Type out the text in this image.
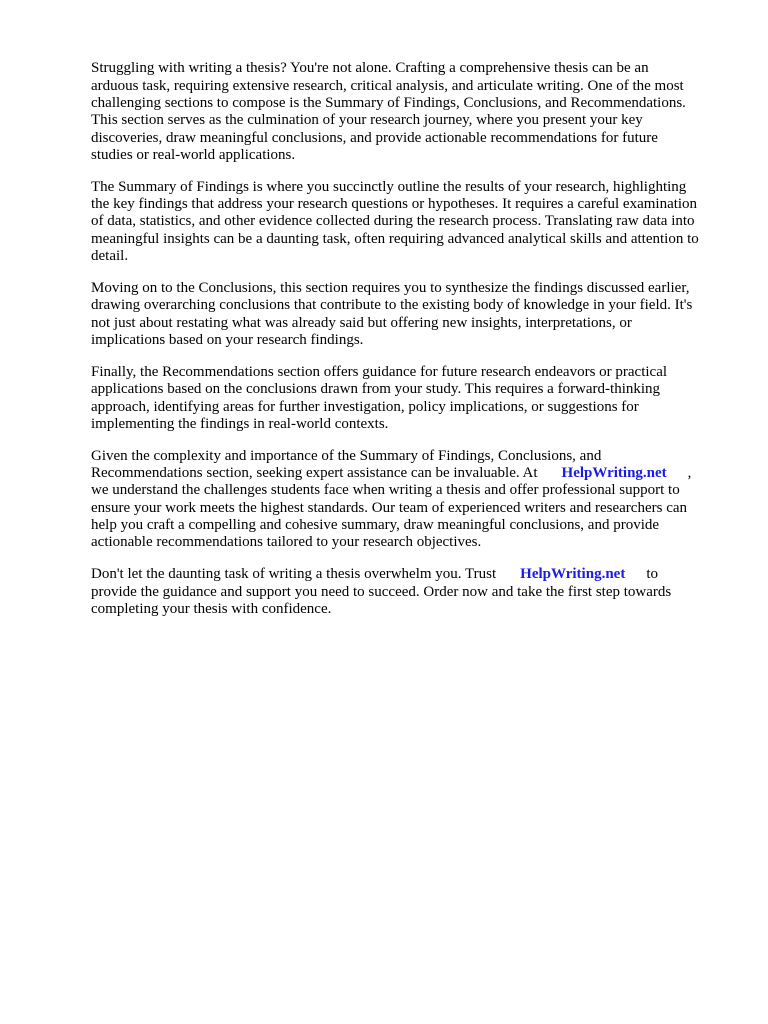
Struggling with writing a thesis? You're not alone. Crafting a comprehensive thesis can be an
arduous task, requiring extensive research, critical analysis, and articulate writing. One of the most
challenging sections to compose is the Summary of Findings, Conclusions, and Recommendations.
This section serves as the culmination of your research journey, where you present your key
discoveries, draw meaningful conclusions, and provide actionable recommendations for future
studies or real-world applications.
The Summary of Findings is where you succinctly outline the results of your research, highlighting
the key findings that address your research questions or hypotheses. It requires a careful examination
of data, statistics, and other evidence collected during the research process. Translating raw data into
meaningful insights can be a daunting task, often requiring advanced analytical skills and attention to
detail.
Moving on to the Conclusions, this section requires you to synthesize the findings discussed earlier,
drawing overarching conclusions that contribute to the existing body of knowledge in your field. It's
not just about restating what was already said but offering new insights, interpretations, or
implications based on your research findings.
Finally, the Recommendations section offers guidance for future research endeavors or practical
applications based on the conclusions drawn from your study. This requires a forward-thinking
approach, identifying areas for further investigation, policy implications, or suggestions for
implementing the findings in real-world contexts.
Given the complexity and importance of the Summary of Findings, Conclusions, and
Recommendations section, seeking expert assistance can be invaluable. At HelpWriting.net ,
we understand the challenges students face when writing a thesis and offer professional support to
ensure your work meets the highest standards. Our team of experienced writers and researchers can
help you craft a compelling and cohesive summary, draw meaningful conclusions, and provide
actionable recommendations tailored to your research objectives.
Don't let the daunting task of writing a thesis overwhelm you. Trust HelpWriting.net to
provide the guidance and support you need to succeed. Order now and take the first step towards
completing your thesis with confidence.
